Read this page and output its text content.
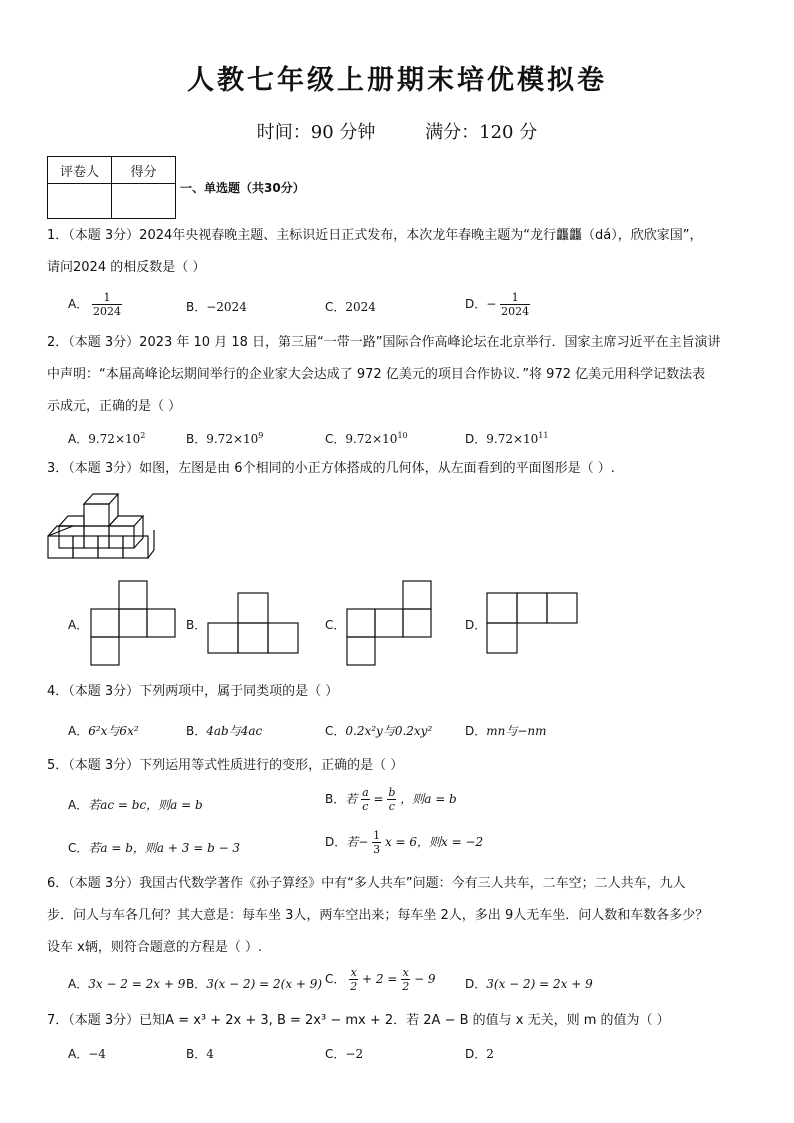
人教七年级上册期末培优模拟卷
时间：90 分钟	满分：120 分
评卷人	得分

一、单选题（共30分）
1．（本题 3分）2024年央视春晚主题、主标识近日正式发布，本次龙年春晚主题为“龙行龘龘（dá），欣欣家国”，
请问2024 的相反数是（ ）
A． $\frac{1}{2024}$	B．−2024	C．2024	D．− $\frac{1}{2024}$
2．（本题 3分）2023 年 10 月 18 日，第三届“一带一路”国际合作高峰论坛在北京举行．国家主席习近平在主旨演讲
中声明：“本届高峰论坛期间举行的企业家大会达成了 972 亿美元的项目合作协议．”将 972 亿美元用科学记数法表
示成元，正确的是（ ）
A．$9.72\times 10^2$	B．$9.72\times 10^9$	C．$9.72\times 10^{10}$	D．$9.72\times 10^{11}$
3．（本题 3分）如图，左图是由 6个相同的小正方体搭成的几何体，从左面看到的平面图形是（ ）.
A．	B．	C．	D．
4．（本题 3分）下列两项中，属于同类项的是（ ）
A．6²x与6x²	B．4ab与4ac	C．0.2x²y与0.2xy²	D．mn与−nm
5．（本题 3分）下列运用等式性质进行的变形，正确的是（ ）
A．若ac = bc，则a = b	B．若 $\frac{a}{c} = \frac{b}{c}$ ，则a = b
C．若a = b，则a + 3 = b − 3	D．若− $\frac{1}{3}$ x = 6，则x = −2
6．（本题 3分）我国古代数学著作《孙子算经》中有“多人共车”问题：今有三人共车，二车空；二人共车，九人
步．问人与车各几何？其大意是：每车坐 3人，两车空出来；每车坐 2人，多出 9人无车坐．问人数和车数各多少？
设车 x辆，则符合题意的方程是（ ）.
A．3x − 2 = 2x + 9 B．3(x − 2) = 2(x + 9) C． $\frac{x}{2} + 2 = \frac{x}{2} - 9$ D．3(x − 2) = 2x + 9
7．（本题 3分）已知A = x³ + 2x + 3, B = 2x³ − mx + 2．若 2A − B 的值与 x 无关，则 m 的值为（ ）
A．−4	B．4	C．−2	D．2
